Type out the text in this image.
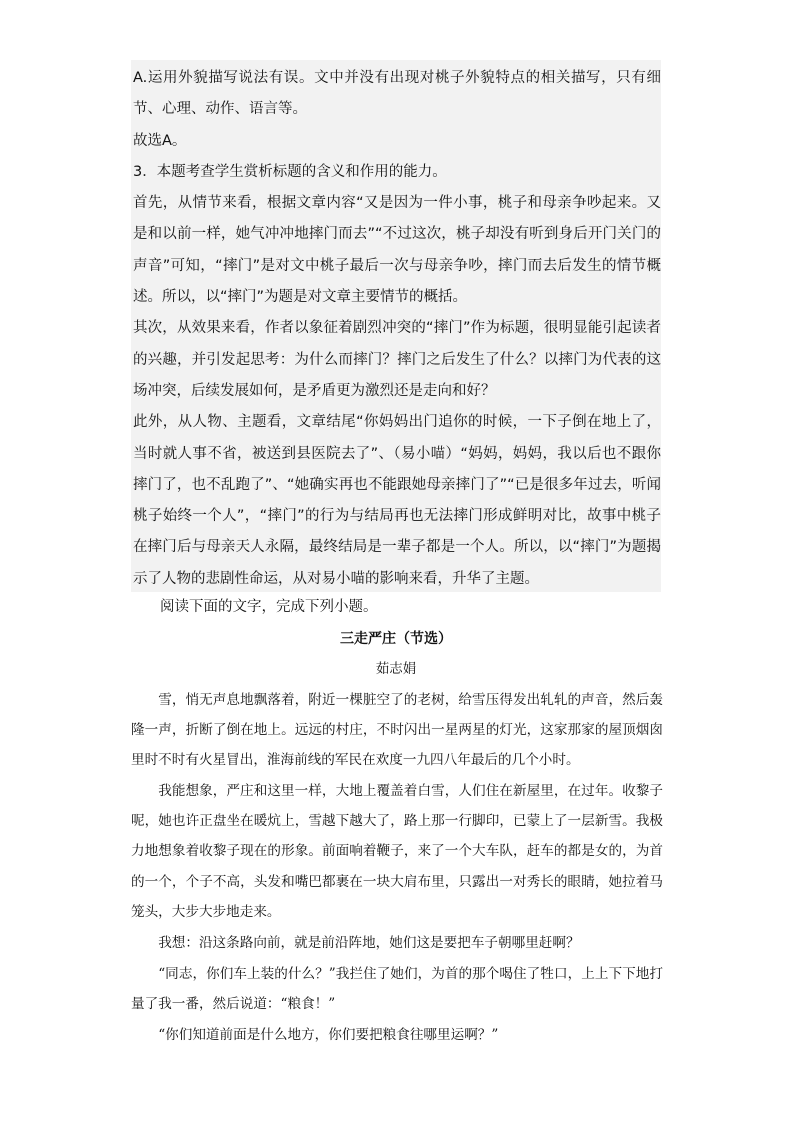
A.运用外貌描写说法有误。文中并没有出现对桃子外貌特点的相关描写，只有细节、心理、动作、语言等。

故选A。

3．本题考查学生赏析标题的含义和作用的能力。

首先，从情节来看，根据文章内容“又是因为一件小事，桃子和母亲争吵起来。又是和以前一样，她气冲冲地摔门而去”“不过这次，桃子却没有听到身后开门关门的声音”可知，“摔门”是对文中桃子最后一次与母亲争吵，摔门而去后发生的情节概述。所以，以“摔门”为题是对文章主要情节的概括。

其次，从效果来看，作者以象征着剧烈冲突的“摔门”作为标题，很明显能引起读者的兴趣，并引发起思考：为什么而摔门？摔门之后发生了什么？以摔门为代表的这场冲突，后续发展如何，是矛盾更为激烈还是走向和好？

此外，从人物、主题看，文章结尾“你妈妈出门追你的时候，一下子倒在地上了，当时就人事不省，被送到县医院去了”、（易小喵）“妈妈，妈妈，我以后也不跟你摔门了，也不乱跑了”、“她确实再也不能跟她母亲摔门了”“已是很多年过去，听闻桃子始终一个人”，“摔门”的行为与结局再也无法摔门形成鲜明对比，故事中桃子在摔门后与母亲天人永隔，最终结局是一辈子都是一个人。所以，以“摔门”为题揭示了人物的悲剧性命运，从对易小喵的影响来看，升华了主题。

阅读下面的文字，完成下列小题。

三走严庄（节选）
茹志娟

雪，悄无声息地飘落着，附近一棵脏空了的老树，给雪压得发出轧轧的声音，然后轰隆一声，折断了倒在地上。远远的村庄，不时闪出一星两星的灯光，这家那家的屋顶烟囱里时不时有火星冒出，淮海前线的军民在欢度一九四八年最后的几个小时。

我能想象，严庄和这里一样，大地上覆盖着白雪，人们住在新屋里，在过年。收黎子呢，她也许正盘坐在暖炕上，雪越下越大了，路上那一行脚印，已蒙上了一层新雪。我极力地想象着收黎子现在的形象。前面响着鞭子，来了一个大车队，赶车的都是女的，为首的一个，个子不高，头发和嘴巴都裹在一块大肩布里，只露出一对秀长的眼睛，她拉着马笼头，大步大步地走来。

我想：沿这条路向前，就是前沿阵地，她们这是要把车子朝哪里赶啊？

“同志，你们车上装的什么？”我拦住了她们，为首的那个喝住了牲口，上上下下地打量了我一番，然后说道：“粮食！”

“你们知道前面是什么地方，你们要把粮食往哪里运啊？”
